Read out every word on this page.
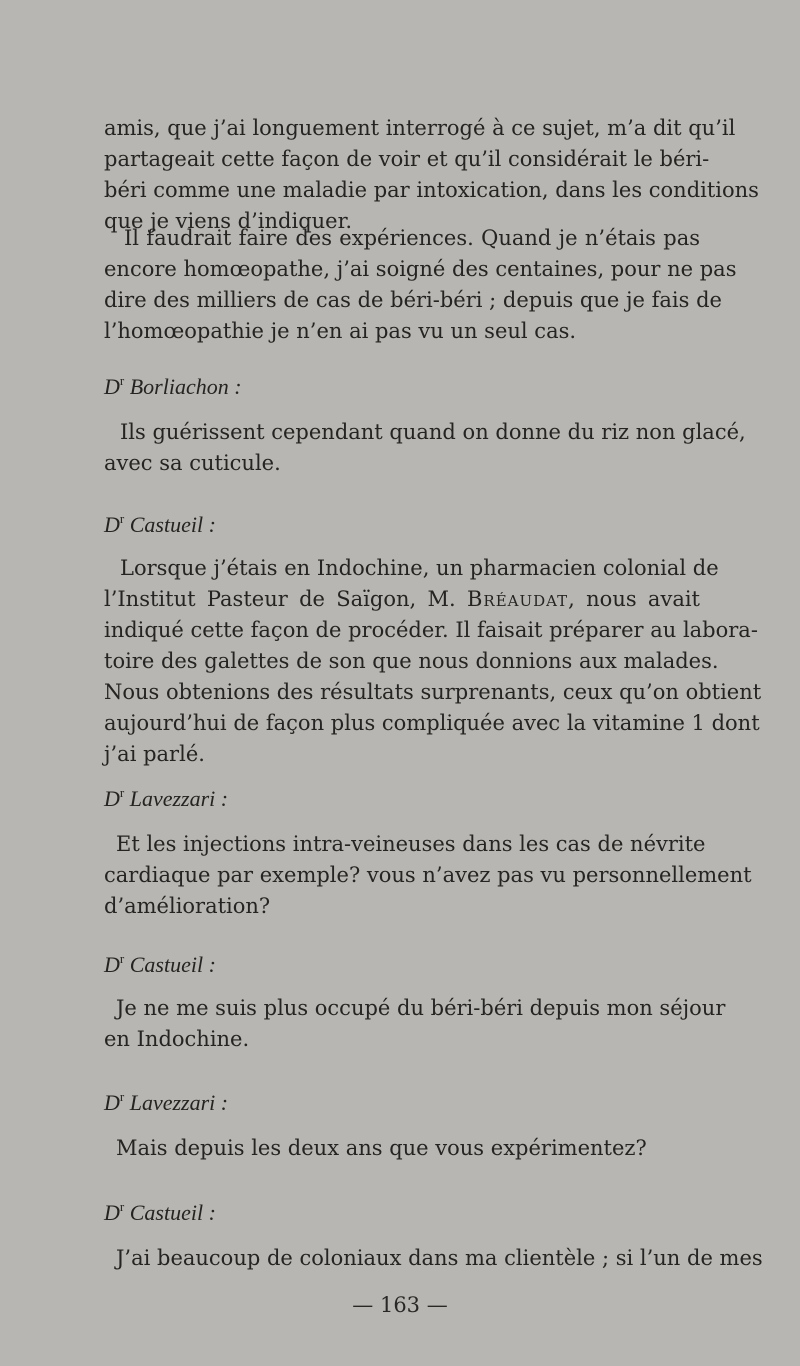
amis, que j’ai longuement interrogé à ce sujet, m’a dit qu’il
partageait cette façon de voir et qu’il considérait le béri-
béri comme une maladie par intoxication, dans les conditions
que je viens d’indiquer.
Il faudrait faire des expériences. Quand je n’étais pas
encore homœopathe, j’ai soigné des centaines, pour ne pas
dire des milliers de cas de béri-béri ; depuis que je fais de
l’homœopathie je n’en ai pas vu un seul cas.
$D^r$ Borliachon :
Ils guérissent cependant quand on donne du riz non glacé,
avec sa cuticule.
$D^r$ Castueil :
Lorsque j’étais en Indochine, un pharmacien colonial de
l’Institut Pasteur de Saïgon, M. Bréaudat, nous avait
indiqué cette façon de procéder. Il faisait préparer au labora-
toire des galettes de son que nous donnions aux malades.
Nous obtenions des résultats surprenants, ceux qu’on obtient
aujourd’hui de façon plus compliquée avec la vitamine 1 dont
j’ai parlé.
$D^r$ Lavezzari :
Et les injections intra-veineuses dans les cas de névrite
cardiaque par exemple? vous n’avez pas vu personnellement
d’amélioration?
$D^r$ Castueil :
Je ne me suis plus occupé du béri-béri depuis mon séjour
en Indochine.
$D^r$ Lavezzari :
Mais depuis les deux ans que vous expérimentez?
$D^r$ Castueil :
J’ai beaucoup de coloniaux dans ma clientèle ; si l’un de mes
— 163 —
